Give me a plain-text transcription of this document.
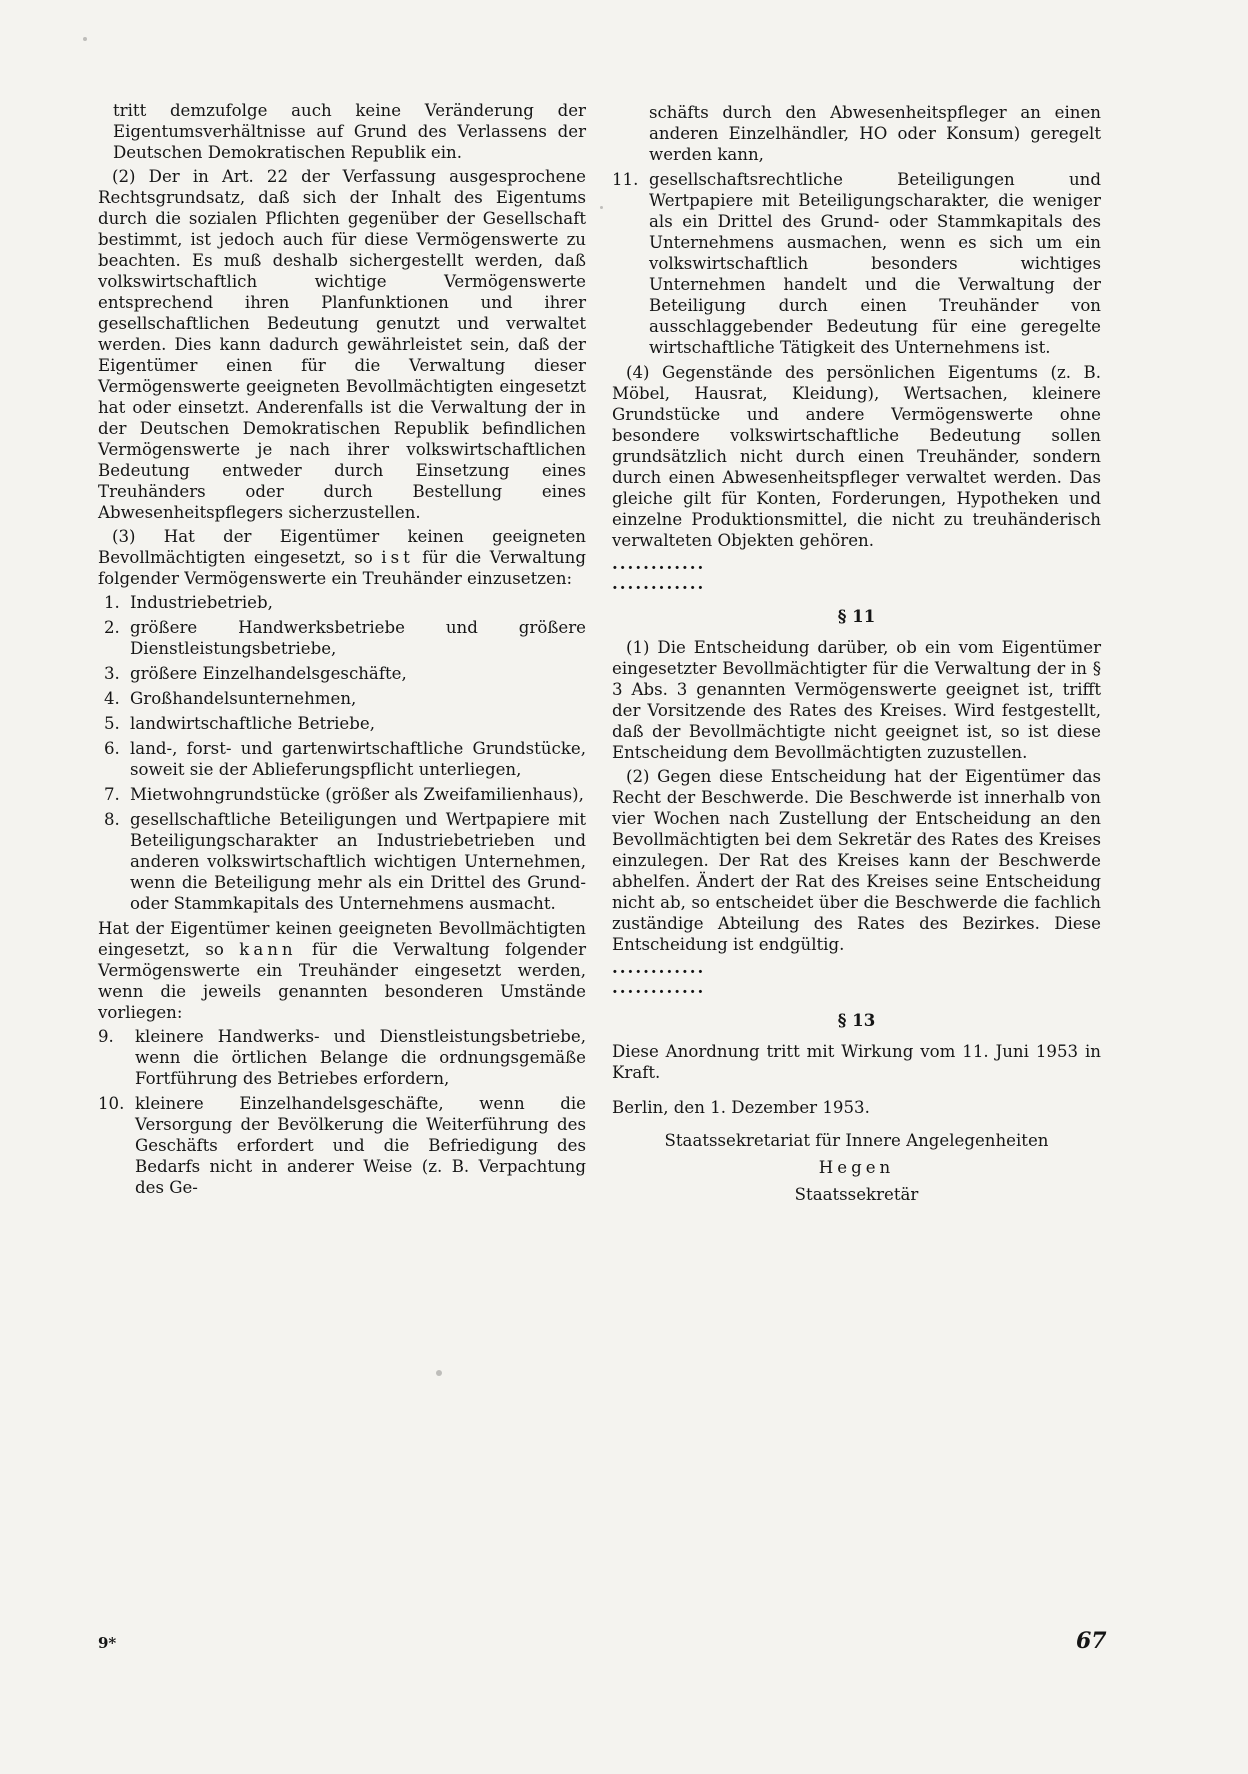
tritt demzufolge auch keine Veränderung der Eigentumsverhältnisse auf Grund des Verlassens der Deutschen Demokratischen Republik ein.

(2) Der in Art. 22 der Verfassung ausgesprochene Rechtsgrundsatz, daß sich der Inhalt des Eigentums durch die sozialen Pflichten gegenüber der Gesellschaft bestimmt, ist jedoch auch für diese Vermögenswerte zu beachten. Es muß deshalb sichergestellt werden, daß volkswirtschaftlich wichtige Vermögenswerte entsprechend ihren Planfunktionen und ihrer gesellschaftlichen Bedeutung genutzt und verwaltet werden. Dies kann dadurch gewährleistet sein, daß der Eigentümer einen für die Verwaltung dieser Vermögenswerte geeigneten Bevollmächtigten eingesetzt hat oder einsetzt. Anderenfalls ist die Verwaltung der in der Deutschen Demokratischen Republik befindlichen Vermögenswerte je nach ihrer volkswirtschaftlichen Bedeutung entweder durch Einsetzung eines Treuhänders oder durch Bestellung eines Abwesenheitspflegers sicherzustellen.

(3) Hat der Eigentümer keinen geeigneten Bevollmächtigten eingesetzt, so ist für die Verwaltung folgender Vermögenswerte ein Treuhänder einzusetzen:

1. Industriebetrieb,
2. größere Handwerksbetriebe und größere Dienstleistungsbetriebe,
3. größere Einzelhandelsgeschäfte,
4. Großhandelsunternehmen,
5. landwirtschaftliche Betriebe,
6. land-, forst- und gartenwirtschaftliche Grundstücke, soweit sie der Ablieferungspflicht unterliegen,
7. Mietwohngrundstücke (größer als Zweifamilienhaus),
8. gesellschaftliche Beteiligungen und Wertpapiere mit Beteiligungscharakter an Industriebetrieben und anderen volkswirtschaftlich wichtigen Unternehmen, wenn die Beteiligung mehr als ein Drittel des Grund- oder Stammkapitals des Unternehmens ausmacht.

Hat der Eigentümer keinen geeigneten Bevollmächtigten eingesetzt, so kann für die Verwaltung folgender Vermögenswerte ein Treuhänder eingesetzt werden, wenn die jeweils genannten besonderen Umstände vorliegen:

9.	kleinere Handwerks- und Dienstleistungsbetriebe, wenn die örtlichen Belange die ordnungsgemäße Fortführung des Betriebes erfordern,
10. kleinere Einzelhandelsgeschäfte, wenn die Versorgung der Bevölkerung die Weiterführung des Geschäfts erfordert und die Befriedigung des Bedarfs nicht in anderer Weise (z. B. Verpachtung des Ge-
schäfts durch den Abwesenheitspfleger an einen anderen Einzelhändler, HO oder Konsum) geregelt werden kann,
11. gesellschaftsrechtliche Beteiligungen und Wertpapiere mit Beteiligungscharakter, die weniger als ein Drittel des Grund- oder Stammkapitals des Unternehmens ausmachen, wenn es sich um ein volkswirtschaftlich besonders wichtiges Unternehmen handelt und die Verwaltung der Beteiligung durch einen Treuhänder von ausschlaggebender Bedeutung für eine geregelte wirtschaftliche Tätigkeit des Unternehmens ist.

(4) Gegenstände des persönlichen Eigentums (z. B. Möbel, Hausrat, Kleidung), Wertsachen, kleinere Grundstücke und andere Vermögenswerte ohne besondere volkswirtschaftliche Bedeutung sollen grundsätzlich nicht durch einen Treuhänder, sondern durch einen Abwesenheitspfleger verwaltet werden. Das gleiche gilt für Konten, Forderungen, Hypotheken und einzelne Produktionsmittel, die nicht zu treuhänderisch verwalteten Objekten gehören.

............
............
§ 11

(1) Die Entscheidung darüber, ob ein vom Eigentümer eingesetzter Bevollmächtigter für die Verwaltung der in § 3 Abs. 3 genannten Vermögenswerte geeignet ist, trifft der Vorsitzende des Rates des Kreises. Wird festgestellt, daß der Bevollmächtigte nicht geeignet ist, so ist diese Entscheidung dem Bevollmächtigten zuzustellen.

(2) Gegen diese Entscheidung hat der Eigentümer das Recht der Beschwerde. Die Beschwerde ist innerhalb von vier Wochen nach Zustellung der Entscheidung an den Bevollmächtigten bei dem Sekretär des Rates des Kreises einzulegen. Der Rat des Kreises kann der Beschwerde abhelfen. Ändert der Rat des Kreises seine Entscheidung nicht ab, so entscheidet über die Beschwerde die fachlich zuständige Abteilung des Rates des Bezirkes. Diese Entscheidung ist endgültig.

............
............
§ 13

Diese Anordnung tritt mit Wirkung vom 11. Juni 1953 in Kraft.

Berlin, den 1. Dezember 1953.

Staatssekretariat für Innere Angelegenheiten
Hegen
Staatssekretär
9*	67
